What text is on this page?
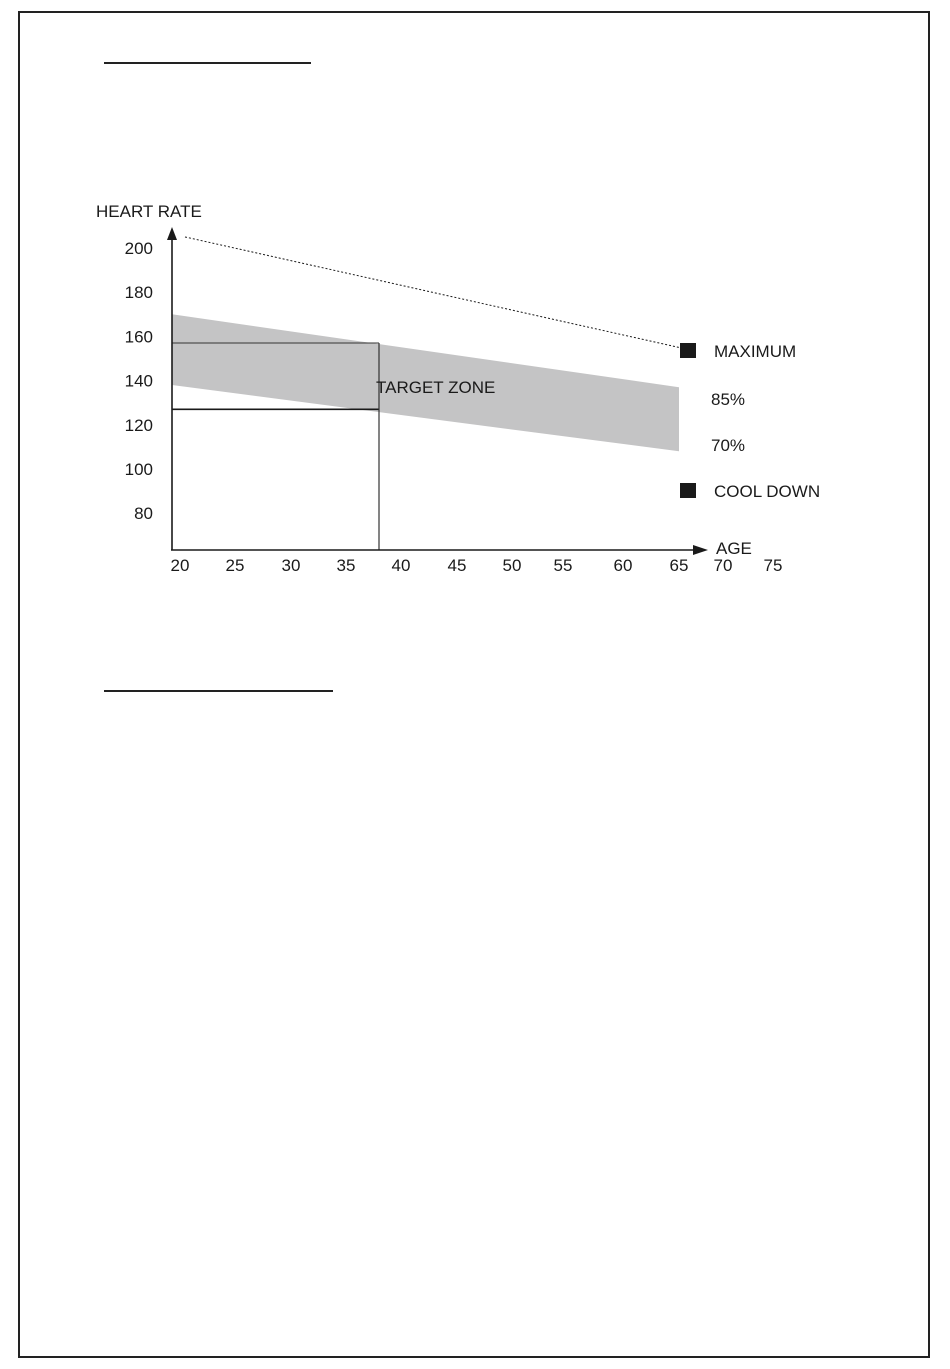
HEART RATE
AGE
TARGET ZONE
200
180
160
140
120
100
80
20 25 30 35 40 45 50 55 60 65 70 75
MAXIMUM
85%
70%
COOL DOWN
